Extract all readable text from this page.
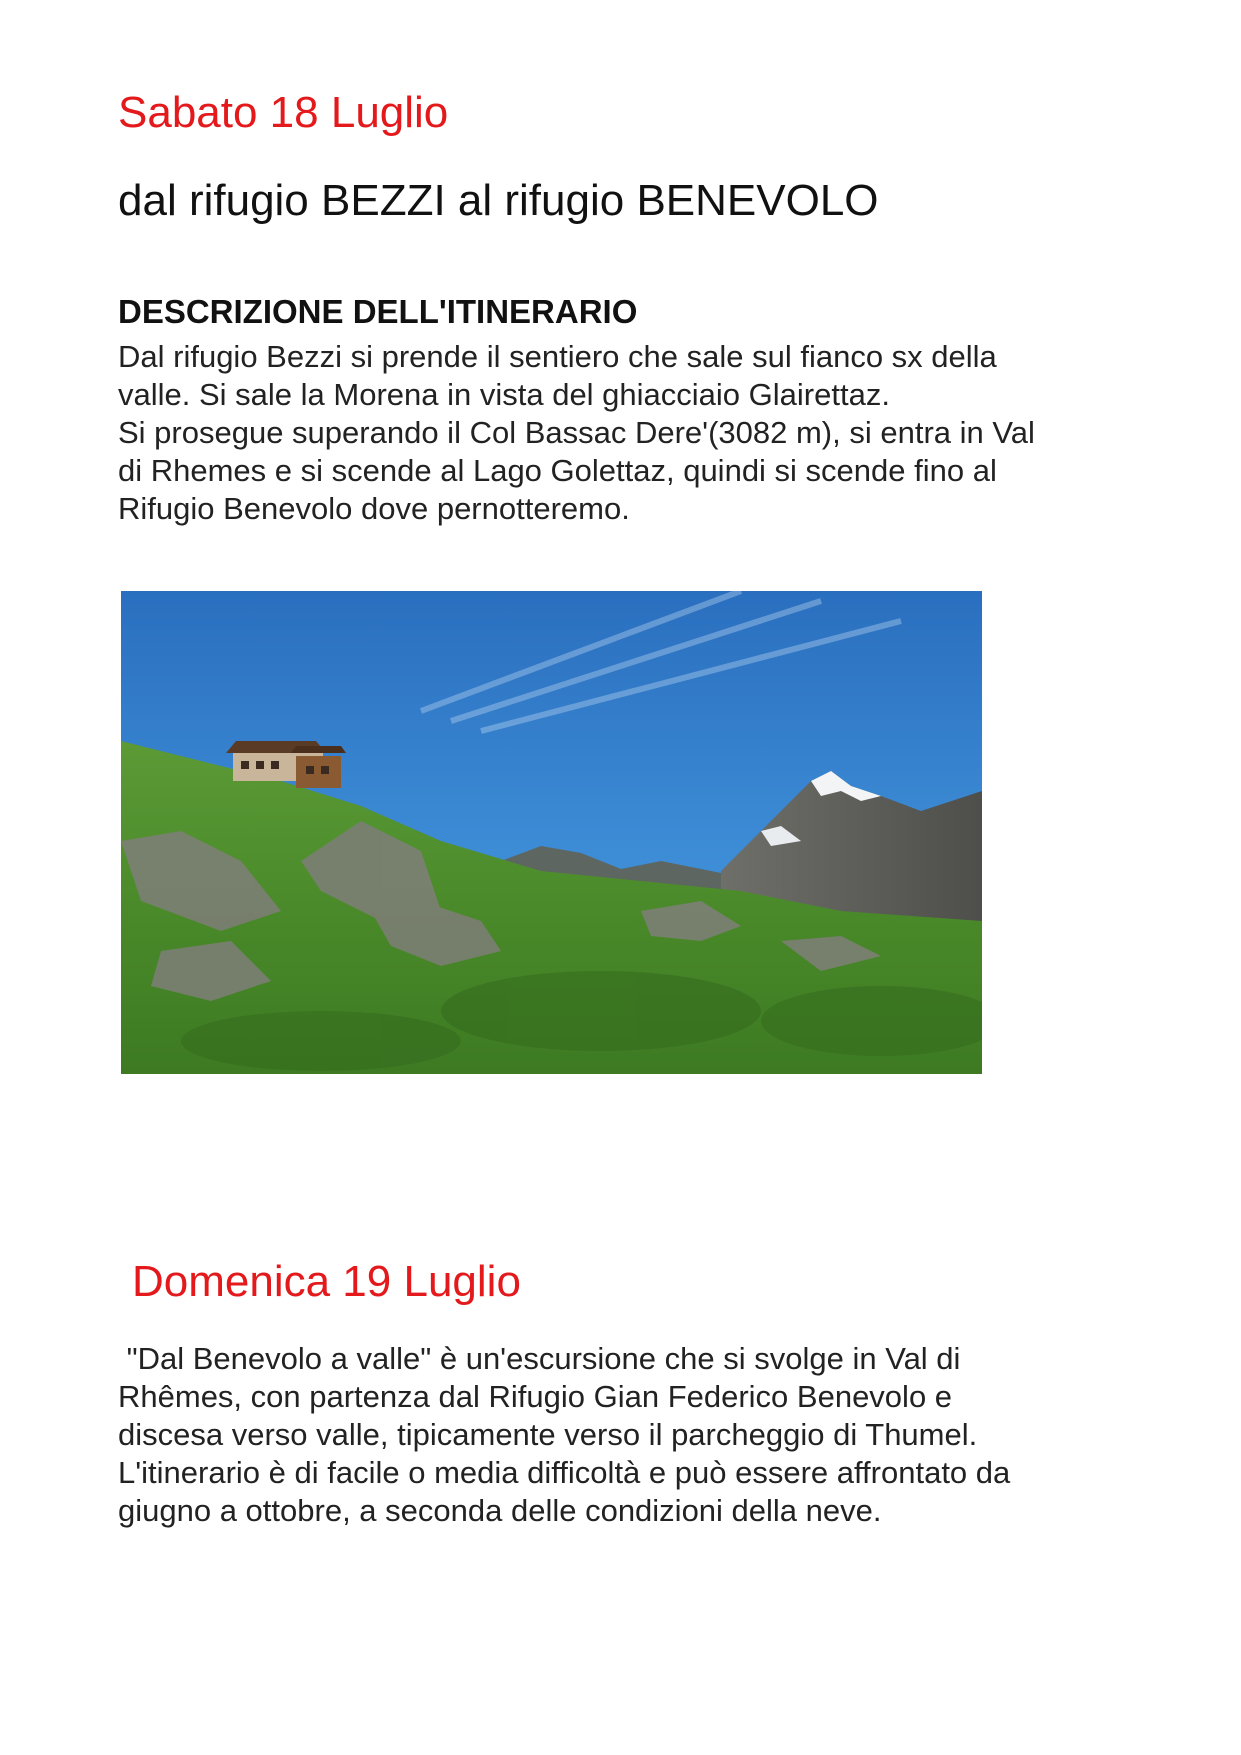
Sabato 18 Luglio
dal rifugio BEZZI al rifugio BENEVOLO
DESCRIZIONE DELL'ITINERARIO

Dal rifugio Bezzi si prende il sentiero che sale sul fianco sx della
valle. Si sale la Morena in vista del ghiacciaio Glairettaz.
Si prosegue superando il Col Bassac Dere'(3082 m), si entra in Val
di Rhemes e si scende al Lago Golettaz, quindi si scende fino al
Rifugio Benevolo dove pernotteremo.

Domenica 19 Luglio

"Dal Benevolo a valle" è un'escursione che si svolge in Val di
Rhêmes, con partenza dal Rifugio Gian Federico Benevolo e
discesa verso valle, tipicamente verso il parcheggio di Thumel.
L'itinerario è di facile o media difficoltà e può essere affrontato da
giugno a ottobre, a seconda delle condizioni della neve.
